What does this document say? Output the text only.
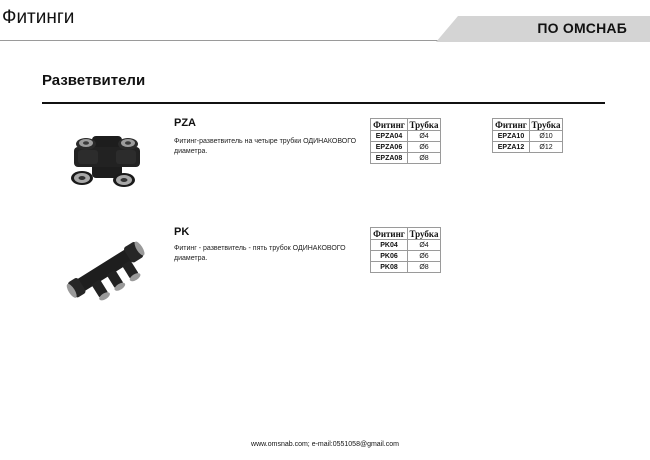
Фитинги	ПО ОМСНАБ
Разветвители
PZA
Фитинг-разветвитель на четыре трубки ОДИНАКОВОГО диаметра.
Фитинг	Трубка
EPZA04	Ø4
EPZA06	Ø6
EPZA08	Ø8
Фитинг	Трубка
EPZA10	Ø10
EPZA12	Ø12
PK
Фитинг - разветвитель - пять трубок ОДИНАКОВОГО диаметра.
Фитинг	Трубка
PK04	Ø4
PK06	Ø6
PK08	Ø8
www.omsnab.com; e-mail:0551058@gmail.com
